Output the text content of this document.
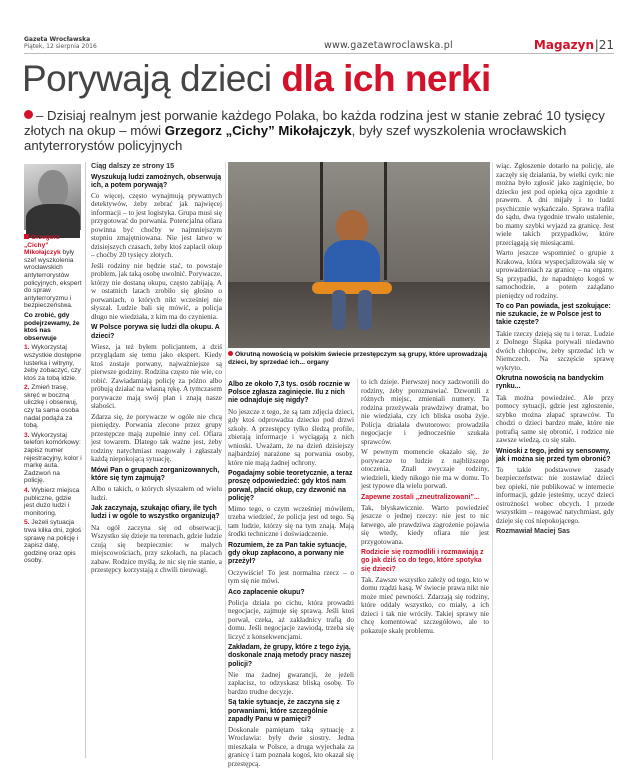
Gazeta Wrocławska
Piątek, 12 sierpnia 2016	www.gazetawroclawska.pl	Magazyn |21
Porywają dzieci dla ich nerki
– Dzisiaj realnym jest porwanie każdego Polaka, bo każda rodzina jest w stanie zebrać 10 tysięcy złotych na okup – mówi Grzegorz „Cichy” Mikołajczyk, były szef wyszkolenia wrocławskich antyterrorystów policyjnych

Grzegorz „Cichy” Mikołajczyk były szef wyszkolenia wrocławskich antyterrorystów policyjnych, ekspert do spraw antyterroryzmu i bezpieczeństwa.

Co zrobić, gdy podejrzewamy, że ktoś nas obserwuje

1. Wykorzystaj wszystkie dostępne lusterka i witryny, żeby zobaczyć, czy ktoś za tobą idzie.

2. Zmień trasę, skręć w boczną uliczkę i obserwuj, czy ta sama osoba nadal podąża za tobą.

3. Wykorzystaj telefon komórkowy: zapisz numer rejestracyjny, kolor i markę auta. Zadzwoń na policję.

4. Wybierz miejsca publiczne, gdzie jest dużo ludzi i monitoring.

5. Jeżeli sytuacja trwa kilka dni, zgłoś sprawę na policję i zapisz datę, godzinę oraz opis osoby.

Ciąg dalszy ze strony 15

Wyszukują ludzi zamożnych, obserwują ich, a potem porywają?

Co więcej, często wynajmują prywatnych detektywów, żeby zebrać jak najwięcej informacji – to jest logistyka. Grupa musi się przygotować do porwania. Potencjalna ofiara powinna być choćby w najmniejszym stopniu zmajętniowana. Nie jest łatwo w dzisiejszych czasach, żeby ktoś zapłacił okup – choćby 20 tysięcy złotych.

Jeśli rodziny nie będzie stać, to powstaje problem, jak taką osobę uwolnić. Porywacze, którzy nie dostaną okupu, często zabijają. A w ostatnich latach zrobiło się głośno o porwaniach, o których nikt wcześniej nie słyszał. Ludzie bali się mówić, a policja długo nie wiedziała, z kim ma do czynienia.

W Polsce porywa się ludzi dla okupu. A dzieci?

Wiesz, ja też byłem policjantem, a dziś przyglądam się temu jako ekspert. Kiedy ktoś zostaje porwany, najważniejsze są pierwsze godziny. Rodzina często nie wie, co robić. Zawiadamiają policję za późno albo próbują działać na własną rękę. A tymczasem porywacze mają swój plan i znają nasze słabości.

Zdarza się, że porywacze w ogóle nie chcą pieniędzy. Porwania zlecone przez grupy przestępcze mają zupełnie inny cel. Ofiara jest towarem. Dlatego tak ważne jest, żeby rodziny natychmiast reagowały i zgłaszały każdą niepokojącą sytuację.

Mówi Pan o grupach zorganizowanych, które się tym zajmują?

Albo o takich, o których słyszałem od wielu ludzi.

Jak zaczynają, szukając ofiary, ile tych ludzi i w ogóle to wszystko organizują?

Na ogół zaczyna się od obserwacji. Wszystko się dzieje na terenach, gdzie ludzie czują się bezpiecznie: w małych miejscowościach, przy szkołach, na placach zabaw. Rodzice myślą, że nic się nie stanie, a przestępcy korzystają z chwili nieuwagi.

Okrutną nowością w polskim świecie przestępczym są grupy, które uprowadzają dzieci, by sprzedać ich... organy

Albo ze około 7,3 tys. osób rocznie w Polsce zgłasza zaginięcie. Ilu z nich nie odnajduje się nigdy?

No jeszcze z tego, że są tam zdjęcia dzieci, gdy ktoś odprowadza dziecko pod drzwi szkoły. A przestępcy tylko śledzą profile, zbierają informacje i wyciągają z nich wnioski. Uważam, że na dzień dzisiejszy najbardziej narażone są porwania osoby, które nie mają żadnej ochrony.

Pogadajmy sobie teoretycznie, a teraz proszę odpowiedzieć: gdy ktoś nam porwał, płacić okup, czy dzwonić na policję?

Mimo tego, o czym wcześniej mówiłem, trzeba wiedzieć, że policja jest od tego. Są tam ludzie, którzy się na tym znają. Mają środki techniczne i doświadczenie.

Rozumiem, że za Pan takie sytuacje, gdy okup zapłacono, a porwany nie przeżył?

Oczywiście! To jest normalna rzecz – o tym się nie mówi.

Aco zapłacenie okupu?

Policja działa po cichu, która prowadzi negocjacje, zajmuje się sprawą. Jeśli ktoś porwał, czeka, aż zakładnicy trafią do domu. Jeśli negocjacje zawiodą, trzeba się liczyć z konsekwencjami.

Zakładam, że grupy, które z tego żyją, doskonale znają metody pracy naszej policji?

Nie ma żadnej gwarancji, że jeżeli zapłacisz, to odzyskasz bliską osobę. To bardzo trudne decyzje.

Są takie sytuacje, że zaczyna się z porwaniami, które szczególnie zapadły Panu w pamięci?

Doskonale pamiętam taką sytuację z Wrocławia: były dwie siostry. Jedna mieszkała w Polsce, a druga wyjechała za granicę i tam poznała kogoś, kto okazał się przestępcą.

to ich dzieje. Pierwszej nocy zadzwonili do rodziny, żeby porozmawiać. Dzwonili z różnych miejsc, zmieniali numery. Ta rodzina przeżywała prawdziwy dramat, bo nie wiedziała, czy ich bliska osoba żyje. Policja działała dwutorowo: prowadziła negocjacje i jednocześnie szukała sprawców.

W pewnym momencie okazało się, że porywacze to ludzie z najbliższego otoczenia. Znali zwyczaje rodziny, wiedzieli, kiedy nikogo nie ma w domu. To jest typowe dla wielu porwań.

Zapewne zostali „zneutralizowani”...

Tak, błyskawicznie. Warto powiedzieć jeszcze o jednej rzeczy: nie jest to nic łatwego, ale prawdziwa zagrożenie pojawia się wtedy, kiedy ofiara nie jest przygotowana.

Rodzicie się rozmodlili i rozmawiają z go jak dziś co do tego, które spotyka się dzieci?

Tak. Zawsze wszystko zależy od tego, kto w domu rządzi kasą. W świecie prawa nikt nie może mieć pewności. Zdarzają się rodziny, które oddały wszystko, co miały, a ich dzieci i tak nie wróciły. Takiej sprawy nie chcę komentować szczegółowo, ale to pokazuje skalę problemu.

wiąc. Zgłoszenie dotarło na policję, ale zaczęły się działania, by wielki cyrk: nie można było zgłosić jako zaginięcie, bo dziecko jest pod opieką ojca zgodnie z prawem. A dni mijały i to ludzi psychicznie wykańczało. Sprawa trafiła do sądu, dwa tygodnie trwało ustalenie, bo mamy szybki wyjazd za granicę. Jest wiele takich przypadków, które przeciągają się miesiącami.

Warto jeszcze wspomnieć o grupie z Krakowa, która wyspecjalizowała się w uprowadzeniach za granicę – na organy. Są przypadki, że napadnięto kogoś w samochodzie, a potem zażądano pieniędzy od rodziny.

To co Pan powiada, jest szokujące: nie szukacie, że w Polsce jest to takie częste?

Takie rzeczy dzieją się tu i teraz. Ludzie z Dolnego Śląska porywali niedawno dwóch chłopców, żeby sprzedać ich w Niemczech. Na szczęście sprawę wykryto.

Okrutna nowością na bandyckim rynku...

Tak można powiedzieć. Ale przy pomocy sytuacji, gdzie jest zgłoszenie, szybko można złapać sprawców. Tu chodzi o dzieci bardzo małe, które nie potrafią same się obronić, i rodzice nie zawsze wiedzą, co się stało.

Wnioski z tego, jedni sy sensowny, jak i można się przed tym obronić?

To takie podstawowe zasady bezpieczeństwa: nie zostawiać dzieci bez opieki, nie publikować w internecie informacji, gdzie jesteśmy, uczyć dzieci ostrożności wobec obcych. I przede wszystkim – reagować natychmiast, gdy dzieje się coś niepokojącego.

Rozmawiał Maciej Sas
